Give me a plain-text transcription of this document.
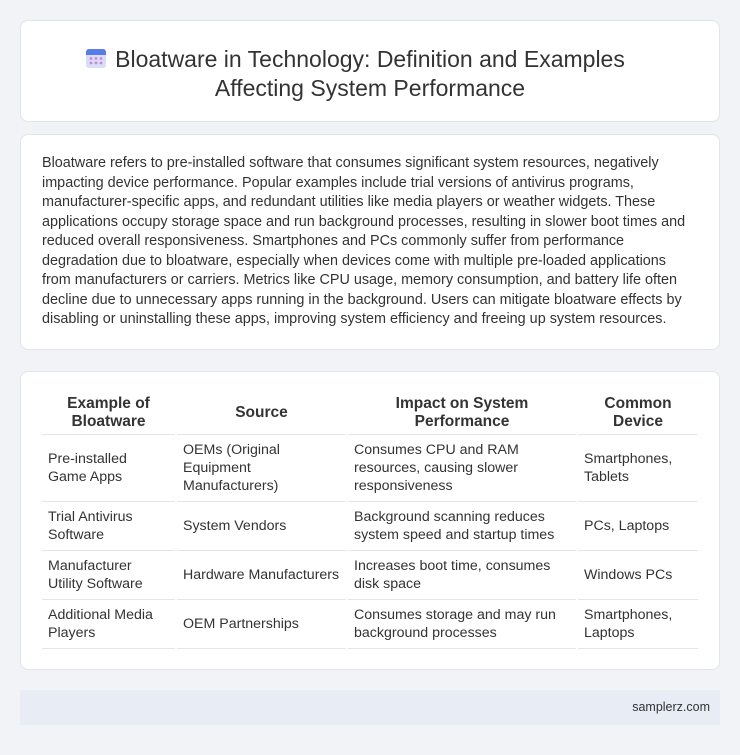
Bloatware in Technology: Definition and Examples
Affecting System Performance

Bloatware refers to pre-installed software that consumes significant system resources, negatively impacting device performance. Popular examples include trial versions of antivirus programs, manufacturer-specific apps, and redundant utilities like media players or weather widgets. These applications occupy storage space and run background processes, resulting in slower boot times and reduced overall responsiveness. Smartphones and PCs commonly suffer from performance degradation due to bloatware, especially when devices come with multiple pre-loaded applications from manufacturers or carriers. Metrics like CPU usage, memory consumption, and battery life often decline due to unnecessary apps running in the background. Users can mitigate bloatware effects by disabling or uninstalling these apps, improving system efficiency and freeing up system resources.

Example of Bloatware	Source	Impact on System Performance	Common Device
Pre-installed Game Apps	OEMs (Original Equipment Manufacturers)	Consumes CPU and RAM resources, causing slower responsiveness	Smartphones, Tablets
Trial Antivirus Software	System Vendors	Background scanning reduces system speed and startup times	PCs, Laptops
Manufacturer Utility Software	Hardware Manufacturers	Increases boot time, consumes disk space	Windows PCs
Additional Media Players	OEM Partnerships	Consumes storage and may run background processes	Smartphones, Laptops
samplerz.com
